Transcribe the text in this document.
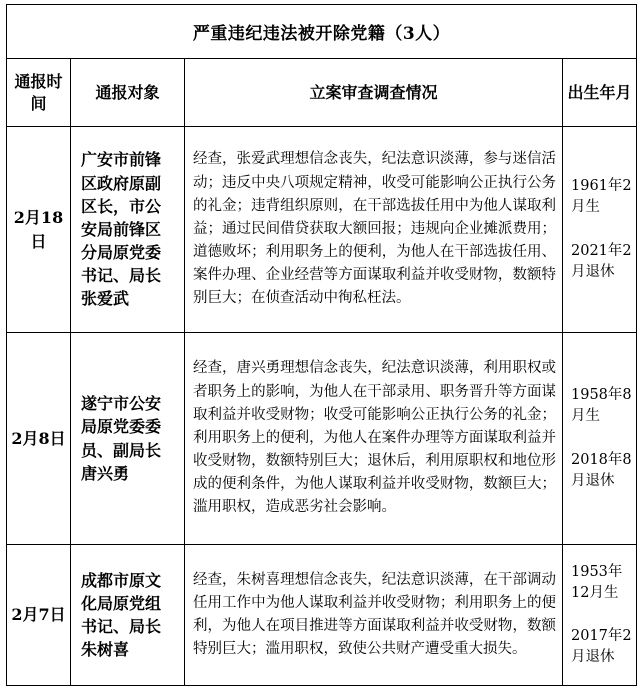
严重违纪违法被开除党籍（3人）			
通报时间	通报对象	立案审查调查情况	出生年月
2月18日	广安市前锋区政府原副区长，市公安局前锋区分局原党委书记、局长张爱武	经查，张爱武理想信念丧失，纪法意识淡薄，参与迷信活动；违反中央八项规定精神，收受可能影响公正执行公务的礼金；违背组织原则，在干部选拔任用中为他人谋取利益；通过民间借贷获取大额回报；违规向企业摊派费用；道德败坏；利用职务上的便利，为他人在干部选拔任用、案件办理、企业经营等方面谋取利益并收受财物，数额特别巨大；在侦查活动中徇私枉法。	1961年2月生
2021年2月退休

2月8日	遂宁市公安局原党委委员、副局长唐兴勇	经查，唐兴勇理想信念丧失，纪法意识淡薄，利用职权或者职务上的影响，为他人在干部录用、职务晋升等方面谋取利益并收受财物；收受可能影响公正执行公务的礼金；利用职务上的便利，为他人在案件办理等方面谋取利益并收受财物，数额特别巨大；退休后，利用原职权和地位形成的便利条件，为他人谋取利益并收受财物，数额巨大；滥用职权，造成恶劣社会影响。	1958年8月生
2018年8月退休

2月7日	成都市原文化局原党组书记、局长朱树喜	经查，朱树喜理想信念丧失，纪法意识淡薄，在干部调动任用工作中为他人谋取利益并收受财物；利用职务上的便利，为他人在项目推进等方面谋取利益并收受财物，数额特别巨大；滥用职权，致使公共财产遭受重大损失。	1953年12月生
2017年2月退休
